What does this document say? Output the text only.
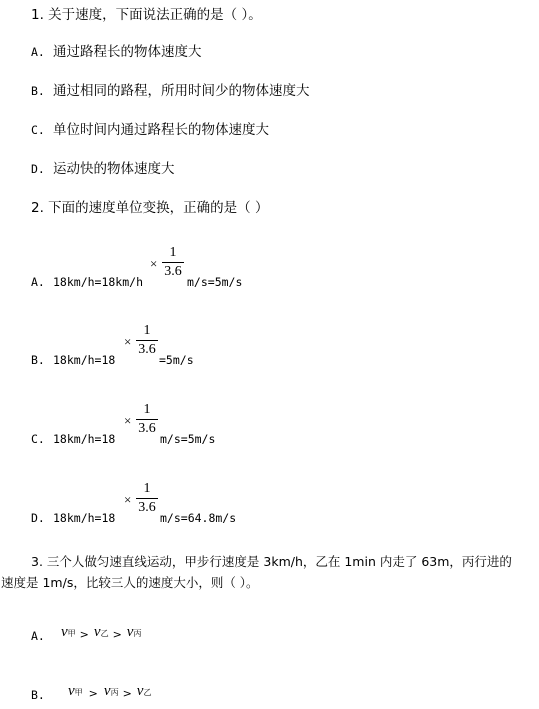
1. 关于速度，下面说法正确的是（ ）。
A. 通过路程长的物体速度大
B. 通过相同的路程，所用时间少的物体速度大
C. 单位时间内通过路程长的物体速度大
D. 运动快的物体速度大
2. 下面的速度单位变换，正确的是（ ）
A. 18km/h=18km/h
×
1
3.6
m/s=5m/s
B. 18km/h=18
×
1
3.6
=5m/s
C. 18km/h=18
×
1
3.6
m/s=5m/s
D. 18km/h=18
×
1
3.6
m/s=64.8m/s
3. 三个人做匀速直线运动，甲步行速度是 3km/h，乙在 1min 内走了 63m，丙行进的
速度是 1m/s，比较三人的速度大小，则（ ）。
A. v甲 > v乙 > v丙
B. v甲 > v丙 > v乙
